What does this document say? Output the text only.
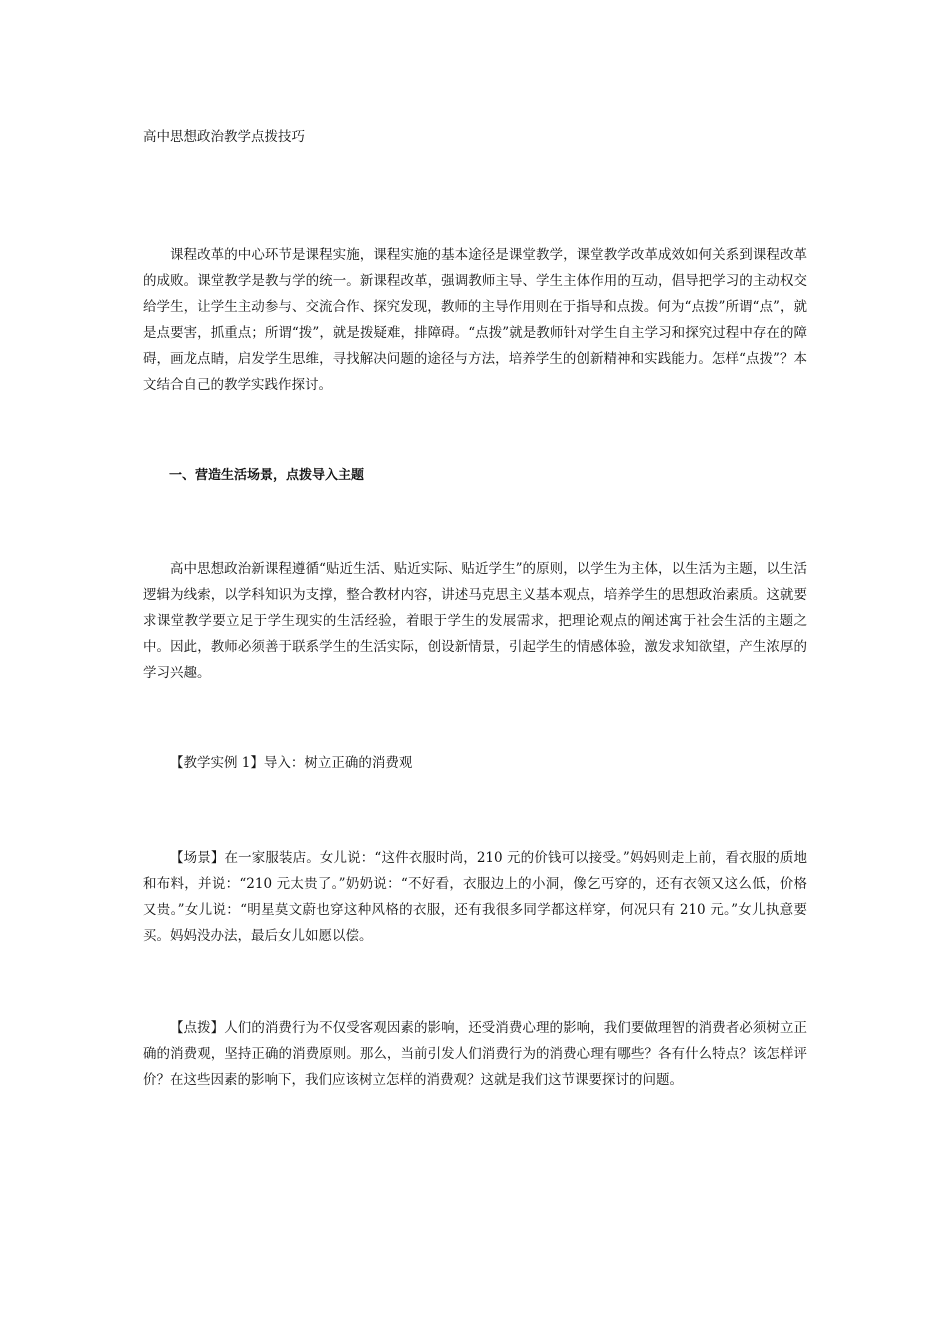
高中思想政治教学点拨技巧

课程改革的中心环节是课程实施，课程实施的基本途径是课堂教学，课堂教学改革成效如何关系到课程改革的成败。课堂教学是教与学的统一。新课程改革，强调教师主导、学生主体作用的互动，倡导把学习的主动权交给学生，让学生主动参与、交流合作、探究发现，教师的主导作用则在于指导和点拨。何为“点拨”所谓“点”，就是点要害，抓重点；所谓“拨”，就是拨疑难，排障碍。“点拨”就是教师针对学生自主学习和探究过程中存在的障碍，画龙点睛，启发学生思维，寻找解决问题的途径与方法，培养学生的创新精神和实践能力。怎样“点拨”？本文结合自己的教学实践作探讨。

一、营造生活场景，点拨导入主题

高中思想政治新课程遵循“贴近生活、贴近实际、贴近学生”的原则，以学生为主体，以生活为主题，以生活逻辑为线索，以学科知识为支撑，整合教材内容，讲述马克思主义基本观点，培养学生的思想政治素质。这就要求课堂教学要立足于学生现实的生活经验，着眼于学生的发展需求，把理论观点的阐述寓于社会生活的主题之中。因此，教师必须善于联系学生的生活实际，创设新情景，引起学生的情感体验，激发求知欲望，产生浓厚的学习兴趣。

【教学实例 1】导入：树立正确的消费观

【场景】在一家服装店。女儿说：“这件衣服时尚，210 元的价钱可以接受。”妈妈则走上前，看衣服的质地和布料，并说：“210 元太贵了。”奶奶说：“不好看，衣服边上的小洞，像乞丐穿的，还有衣领又这么低，价格又贵。”女儿说：“明星莫文蔚也穿这种风格的衣服，还有我很多同学都这样穿，何况只有 210 元。”女儿执意要买。妈妈没办法，最后女儿如愿以偿。

【点拨】人们的消费行为不仅受客观因素的影响，还受消费心理的影响，我们要做理智的消费者必须树立正确的消费观，坚持正确的消费原则。那么，当前引发人们消费行为的消费心理有哪些？各有什么特点？该怎样评价？在这些因素的影响下，我们应该树立怎样的消费观？这就是我们这节课要探讨的问题。
